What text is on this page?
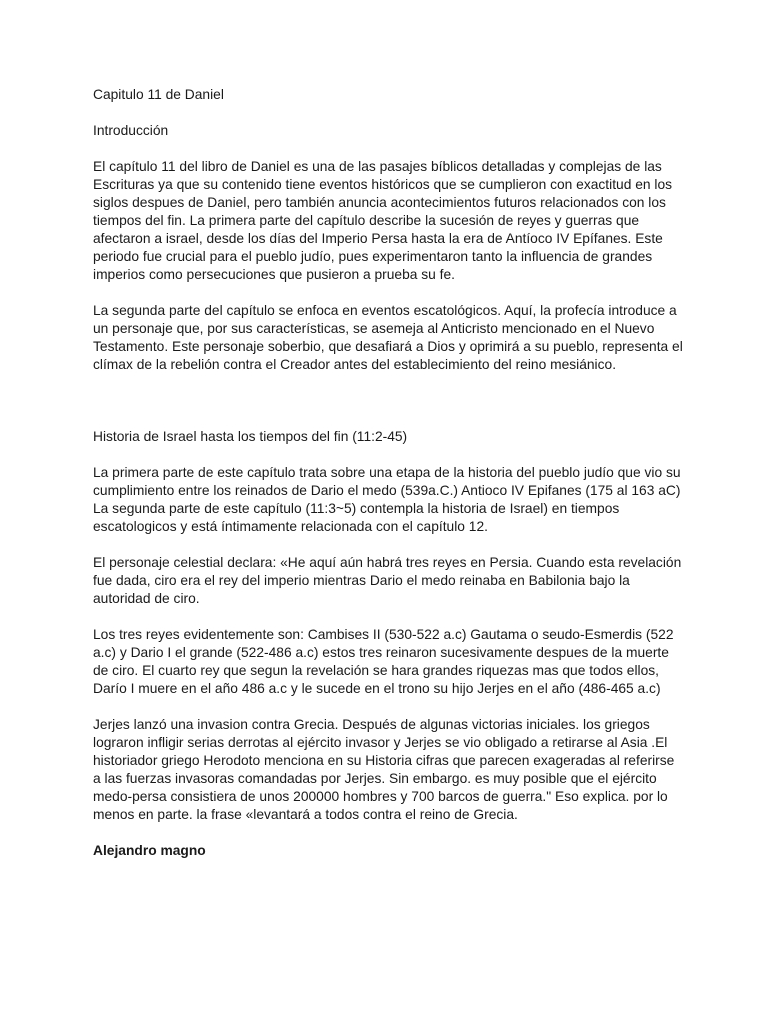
Capitulo 11 de Daniel

Introducción

El capítulo 11 del libro de Daniel es una de las pasajes bíblicos detalladas y complejas de las Escrituras ya que su contenido tiene eventos históricos que se cumplieron con exactitud en los siglos despues de Daniel, pero también anuncia acontecimientos futuros relacionados con los tiempos del fin. La primera parte del capítulo describe la sucesión de reyes y guerras que afectaron a israel, desde los días del Imperio Persa hasta la era de Antíoco IV Epífanes. Este periodo fue crucial para el pueblo judío, pues experimentaron tanto la influencia de grandes imperios como persecuciones que pusieron a prueba su fe.

La segunda parte del capítulo se enfoca en eventos escatológicos. Aquí, la profecía introduce a un personaje que, por sus características, se asemeja al Anticristo mencionado en el Nuevo Testamento. Este personaje soberbio, que desafiará a Dios y oprimirá a su pueblo, representa el clímax de la rebelión contra el Creador antes del establecimiento del reino mesiánico.

Historia de Israel hasta los tiempos del fin (11:2-45)

La primera parte de este capítulo trata sobre una etapa de la historia del pueblo judío que vio su cumplimiento entre los reinados de Dario el medo (539a.C.) Antioco IV Epifanes (175 al 163 aC)

La segunda parte de este capítulo (11:3~5) contempla la historia de Israel) en tiempos escatologicos y está íntimamente relacionada con el capítulo 12.

El personaje celestial declara: «He aquí aún habrá tres reyes en Persia. Cuando esta revelación fue dada, ciro era el rey del imperio mientras Dario el medo reinaba en Babilonia bajo la autoridad de ciro.

Los tres reyes evidentemente son: Cambises II (530-522 a.c) Gautama o seudo-Esmerdis (522 a.c) y Dario I el grande (522-486 a.c) estos tres reinaron sucesivamente despues de la muerte de ciro. El cuarto rey que segun la revelación se hara grandes riquezas mas que todos ellos, Darío I muere en el año 486 a.c y le sucede en el trono su hijo Jerjes en el año (486-465 a.c)

Jerjes lanzó una invasion contra Grecia. Después de algunas victorias iniciales. los griegos lograron infligir serias derrotas al ejército invasor y Jerjes se vio obligado a retirarse al Asia .El historiador griego Herodoto menciona en su Historia cifras que parecen exageradas al referirse a las fuerzas invasoras comandadas por Jerjes. Sin embargo. es muy posible que el ejército medo-persa consistiera de unos 200000 hombres y 700 barcos de guerra." Eso explica. por lo menos en parte. la frase «levantará a todos contra el reino de Grecia.

Alejandro magno
